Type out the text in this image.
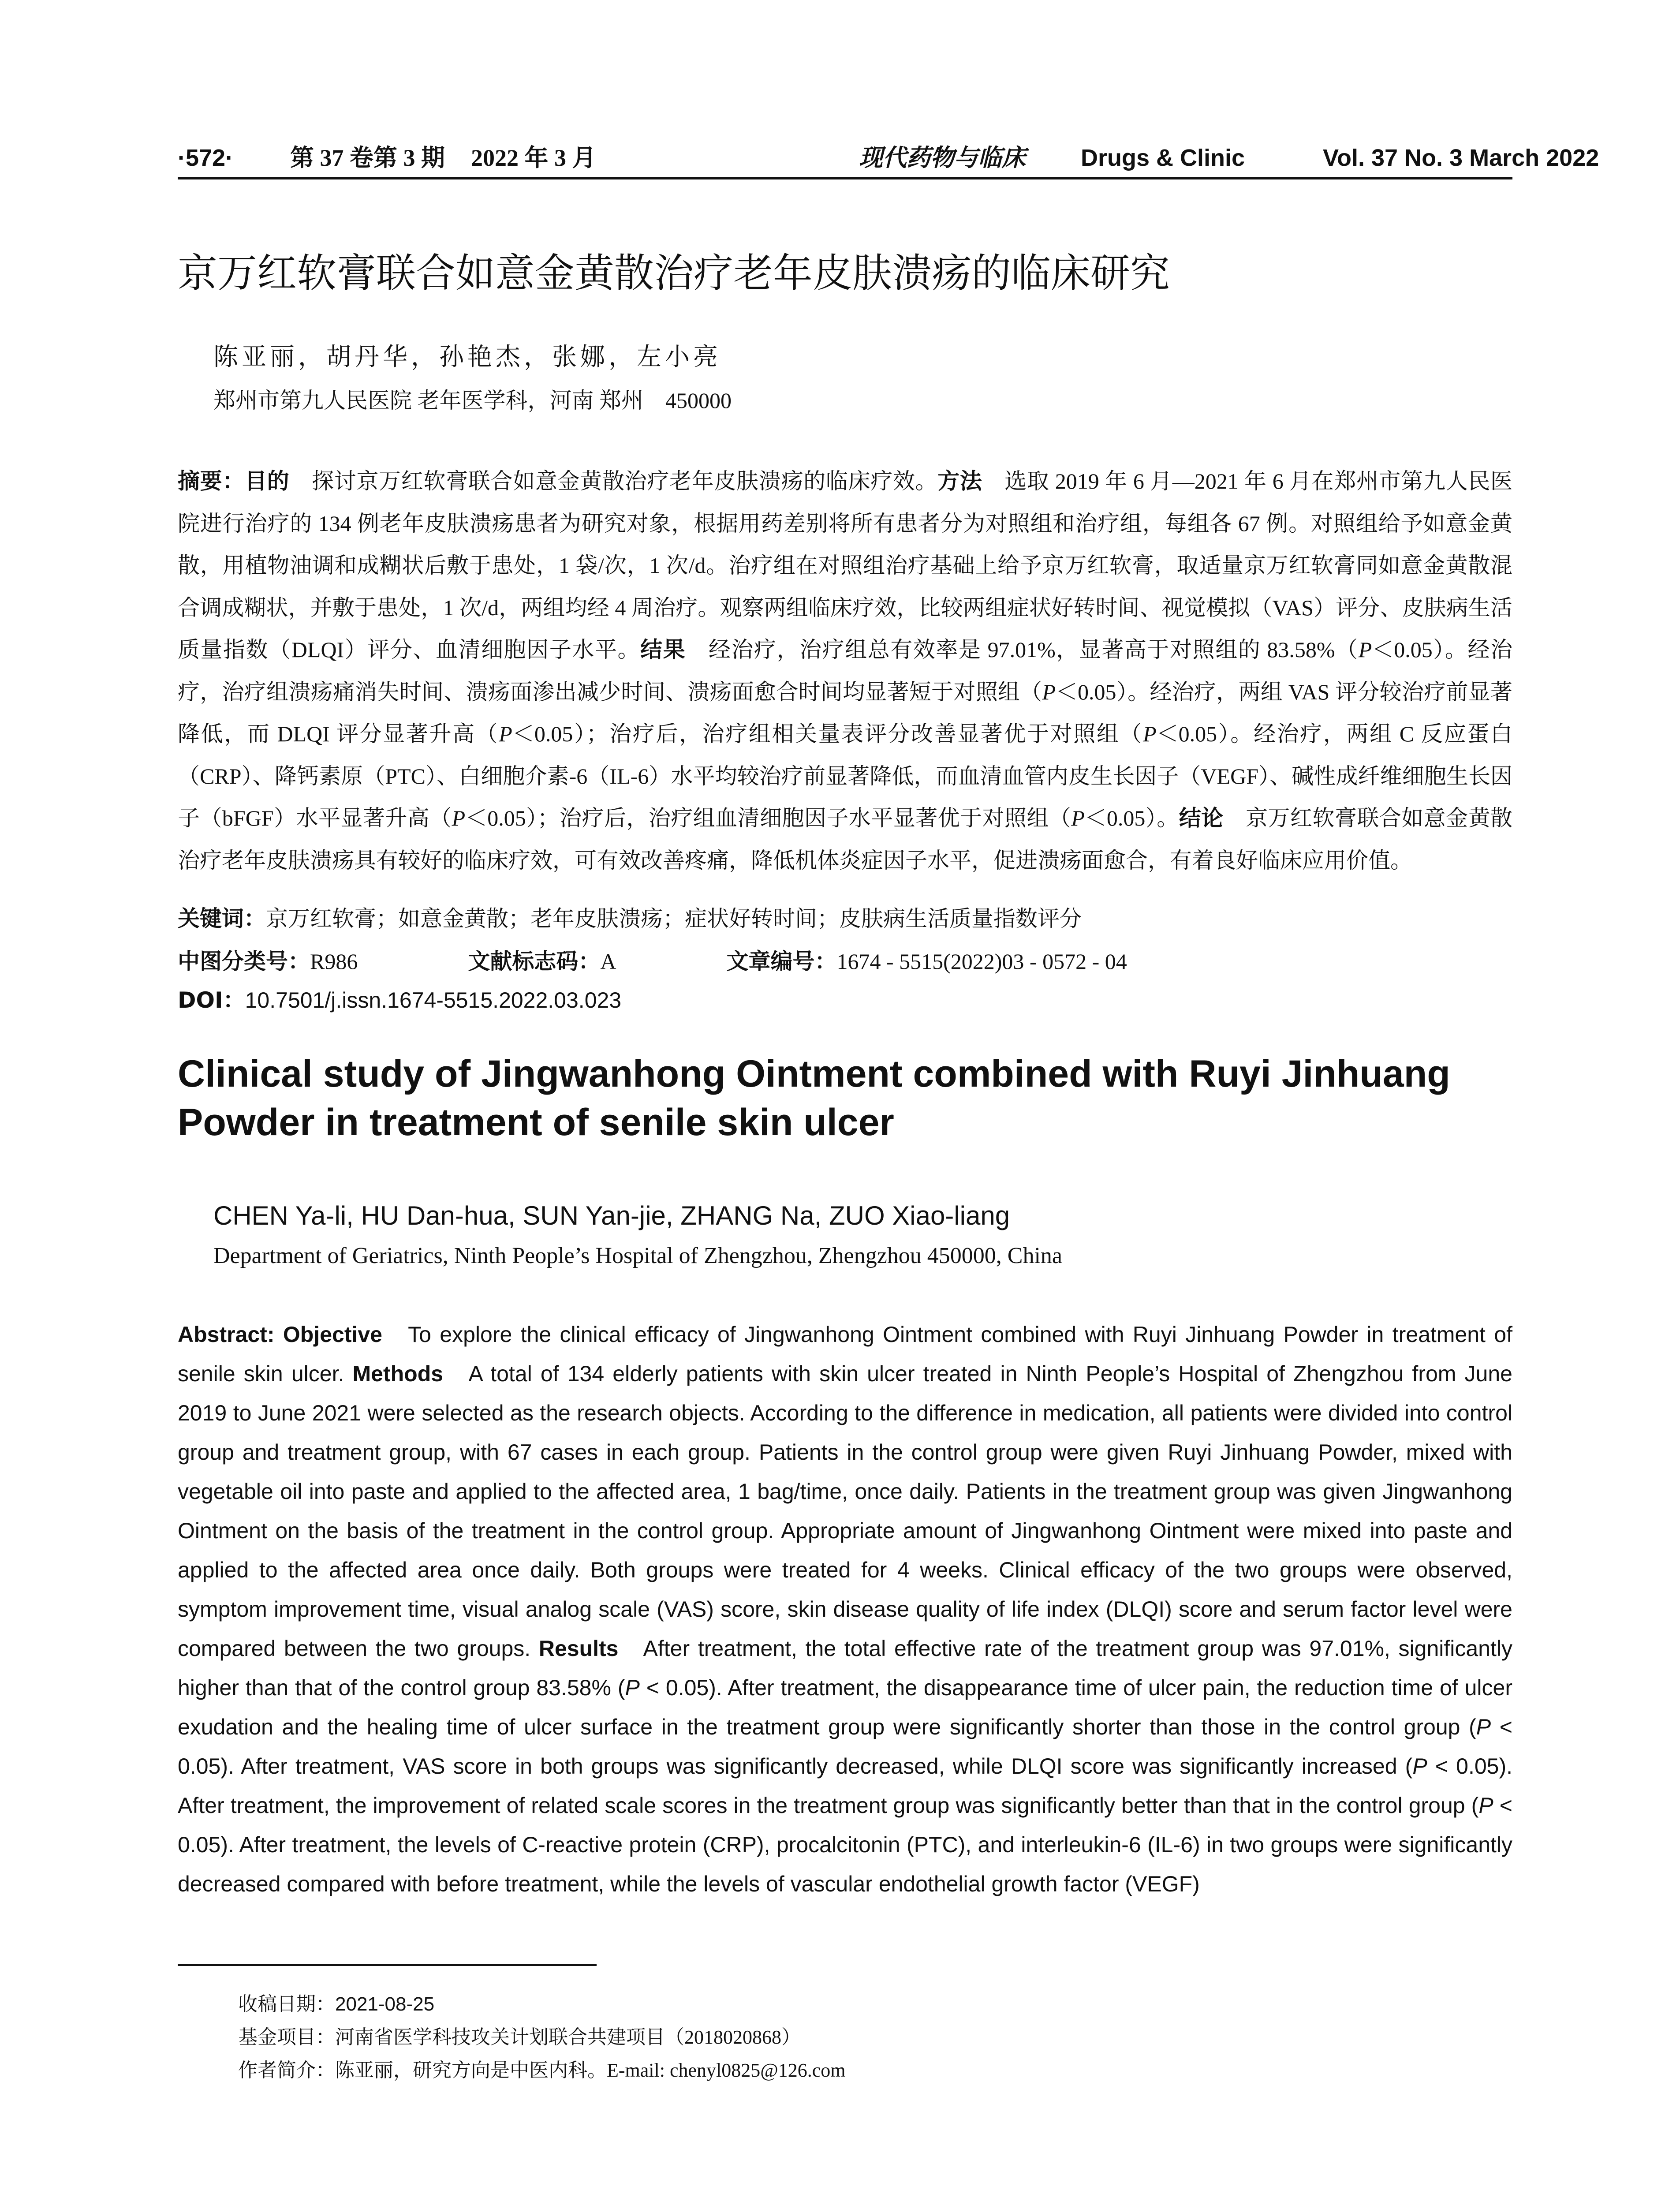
·572· 第 37 卷第 3 期 2022 年 3 月	现代药物与临床 Drugs & Clinic	Vol. 37 No. 3 March 2022
京万红软膏联合如意金黄散治疗老年皮肤溃疡的临床研究
陈亚丽，胡丹华，孙艳杰，张娜，左小亮
郑州市第九人民医院 老年医学科，河南 郑州　450000
摘要：目的　 探讨京万红软膏联合如意金黄散治疗老年皮肤溃疡的临床疗效。方法　 选取 2019 年 6 月—2021 年 6 月在郑州市第九人民医院进行治疗的 134 例老年皮肤溃疡患者为研究对象，根据用药差别将所有患者分为对照组和治疗组，每组各 67 例。对照组给予如意金黄散，用植物油调和成糊状后敷于患处，1 袋/次，1 次/d。治疗组在对照组治疗基础上给予京万红软膏，取适量京万红软膏同如意金黄散混合调成糊状，并敷于患处，1 次/d，两组均经 4 周治疗。观察两组临床疗效，比较两组症状好转时间、视觉模拟（VAS）评分、皮肤病生活质量指数（DLQI）评分、血清细胞因子水平。结果　 经治疗，治疗组总有效率是 97.01%，显著高于对照组的 83.58%（P＜0.05）。经治疗，治疗组溃疡痛消失时间、溃疡面渗出减少时间、溃疡面愈合时间均显著短于对照组（P＜0.05）。经治疗，两组 VAS 评分较治疗前显著降低，而 DLQI 评分显著升高（P＜0.05）；治疗后，治疗组相关量表评分改善显著优于对照组（P＜0.05）。经治疗，两组 C 反应蛋白（CRP）、降钙素原（PTC）、白细胞介素-6（IL-6）水平均较治疗前显著降低，而血清血管内皮生长因子（VEGF）、碱性成纤维细胞生长因子（bFGF）水平显著升高（P＜0.05）；治疗后，治疗组血清细胞因子水平显著优于对照组（P＜0.05）。结论　 京万红软膏联合如意金黄散治疗老年皮肤溃疡具有较好的临床疗效，可有效改善疼痛，降低机体炎症因子水平，促进溃疡面愈合，有着良好临床应用价值。
关键词：京万红软膏；如意金黄散；老年皮肤溃疡；症状好转时间；皮肤病生活质量指数评分
中图分类号：R986	文献标志码：A	文章编号：1674 - 5515(2022)03 - 0572 - 04
DOI：10.7501/j.issn.1674-5515.2022.03.023
Clinical study of Jingwanhong Ointment combined with Ruyi Jinhuang Powder in treatment of senile skin ulcer
CHEN Ya-li, HU Dan-hua, SUN Yan-jie, ZHANG Na, ZUO Xiao-liang
Department of Geriatrics, Ninth People’s Hospital of Zhengzhou, Zhengzhou 450000, China
Abstract: Objective To explore the clinical efficacy of Jingwanhong Ointment combined with Ruyi Jinhuang Powder in treatment of senile skin ulcer. Methods A total of 134 elderly patients with skin ulcer treated in Ninth People’s Hospital of Zhengzhou from June 2019 to June 2021 were selected as the research objects. According to the difference in medication, all patients were divided into control group and treatment group, with 67 cases in each group. Patients in the control group were given Ruyi Jinhuang Powder, mixed with vegetable oil into paste and applied to the affected area, 1 bag/time, once daily. Patients in the treatment group was given Jingwanhong Ointment on the basis of the treatment in the control group. Appropriate amount of Jingwanhong Ointment were mixed into paste and applied to the affected area once daily. Both groups were treated for 4 weeks. Clinical efficacy of the two groups were observed, symptom improvement time, visual analog scale (VAS) score, skin disease quality of life index (DLQI) score and serum factor level were compared between the two groups. Results After treatment, the total effective rate of the treatment group was 97.01%, significantly higher than that of the control group 83.58% (P < 0.05). After treatment, the disappearance time of ulcer pain, the reduction time of ulcer exudation and the healing time of ulcer surface in the treatment group were significantly shorter than those in the control group (P < 0.05). After treatment, VAS score in both groups was significantly decreased, while DLQI score was significantly increased (P < 0.05). After treatment, the improvement of related scale scores in the treatment group was significantly better than that in the control group (P < 0.05). After treatment, the levels of C-reactive protein (CRP), procalcitonin (PTC), and interleukin-6 (IL-6) in two groups were significantly decreased compared with before treatment, while the levels of vascular endothelial growth factor (VEGF)
收稿日期：2021-08-25
基金项目：河南省医学科技攻关计划联合共建项目（2018020868）
作者简介：陈亚丽，研究方向是中医内科。E-mail: chenyl0825@126.com
